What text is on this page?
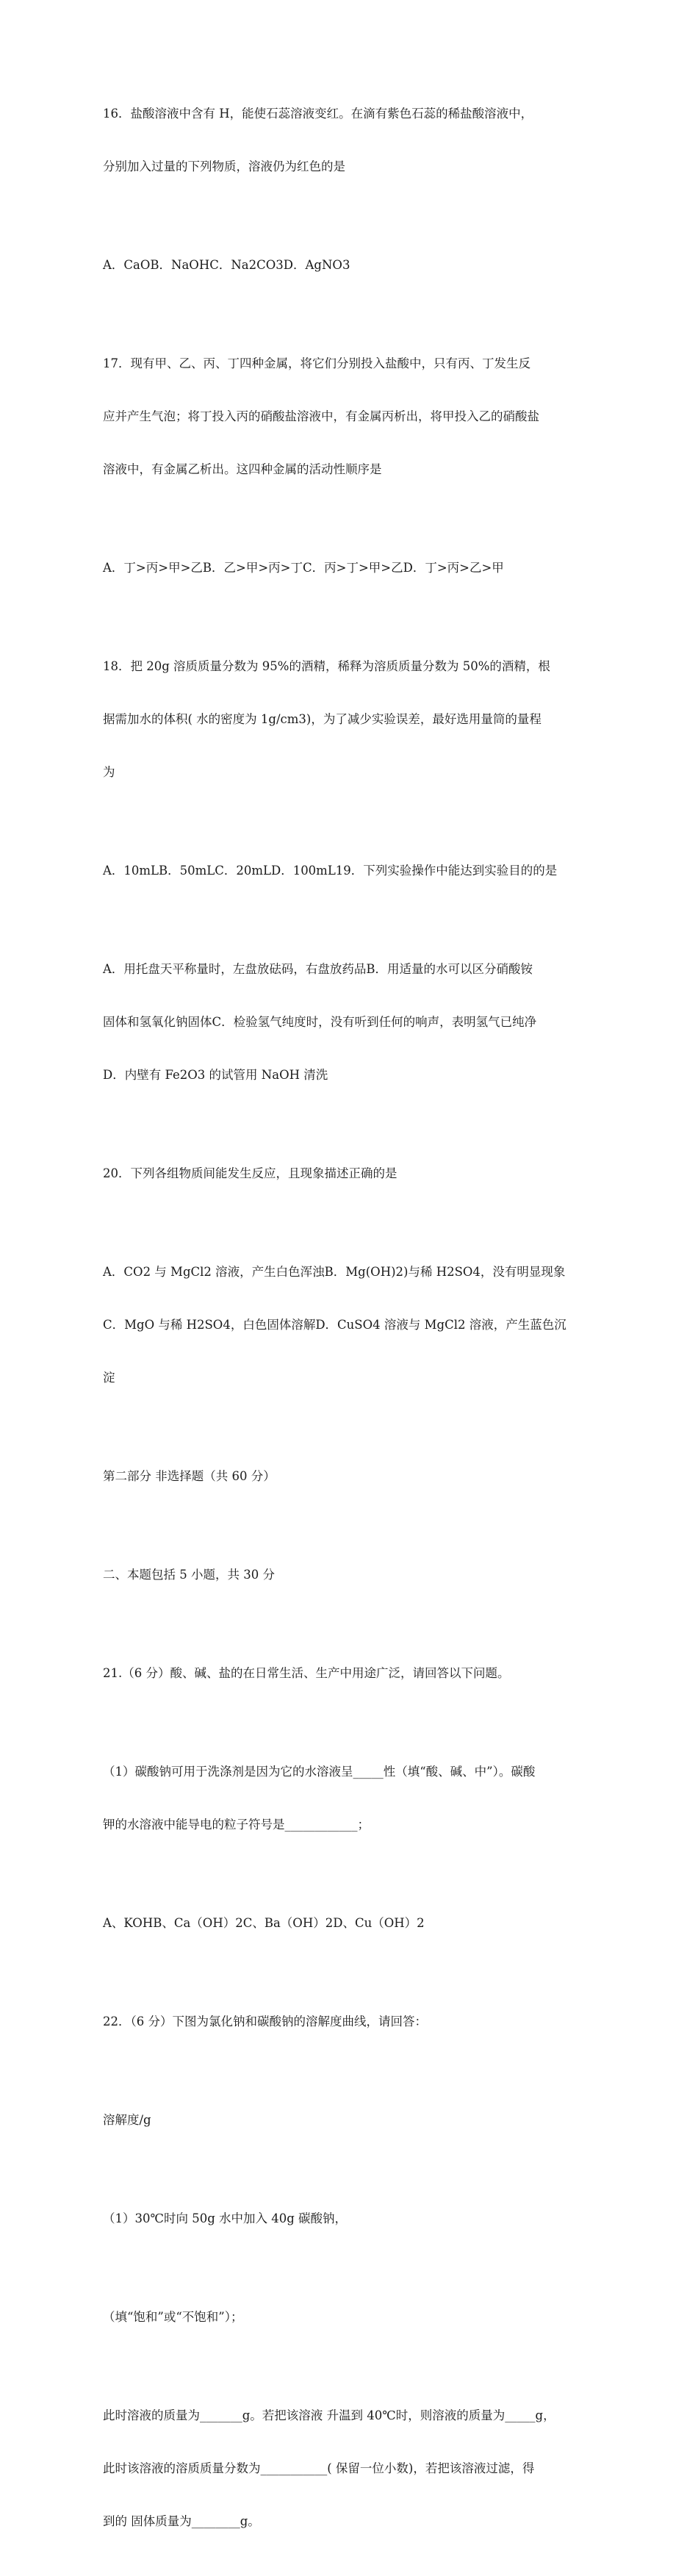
16．盐酸溶液中含有 H，能使石蕊溶液变红。在滴有紫色石蕊的稀盐酸溶液中，

分别加入过量的下列物质，溶液仍为红色的是

A．CaOB．NaOHC．Na2CO3D．AgNO3

17．现有甲、乙、丙、丁四种金属，将它们分别投入盐酸中，只有丙、丁发生反

应并产生气泡；将丁投入丙的硝酸盐溶液中，有金属丙析出，将甲投入乙的硝酸盐

溶液中，有金属乙析出。这四种金属的活动性顺序是

A．丁>丙>甲>乙B．乙>甲>丙>丁C．丙>丁>甲>乙D．丁>丙>乙>甲

18．把 20g 溶质质量分数为 95%的酒精，稀释为溶质质量分数为 50%的酒精，根

据需加水的体积( 水的密度为 1g/cm3)，为了减少实验误差，最好选用量筒的量程

为

A．10mLB．50mLC．20mLD．100mL19．下列实验操作中能达到实验目的的是

A．用托盘天平称量时，左盘放砝码，右盘放药品B．用适量的水可以区分硝酸铵

固体和氢氧化钠固体C．检验氢气纯度时，没有听到任何的响声，表明氢气已纯净

D．内壁有 Fe2O3 的试管用 NaOH 清洗

20．下列各组物质间能发生反应，且现象描述正确的是

A．CO2 与 MgCl2 溶液，产生白色浑浊B．Mg(OH)2)与稀 H2SO4，没有明显现象

C．MgO 与稀 H2SO4，白色固体溶解D．CuSO4 溶液与 MgCl2 溶液，产生蓝色沉

淀

第二部分 非选择题（共 60 分）

二、本题包括 5 小题，共 30 分

21.（6 分）酸、碱、盐的在日常生活、生产中用途广泛，请回答以下问题。

（1）碳酸钠可用于洗涤剂是因为它的水溶液呈_____性（填“酸、碱、中”）。碳酸

钾的水溶液中能导电的粒子符号是____________；

A、KOHB、Ca（OH）2C、Ba（OH）2D、Cu（OH）2

22．（6 分）下图为氯化钠和碳酸钠的溶解度曲线，请回答：

溶解度/g

（1）30℃时向 50g 水中加入 40g 碳酸钠，

（填“饱和”或“不饱和”）；

此时溶液的质量为_______g。若把该溶液 升温到 40℃时，则溶液的质量为_____g，

此时该溶液的溶质质量分数为___________( 保留一位小数)，若把该溶液过滤，得

到的 固体质量为________g。
